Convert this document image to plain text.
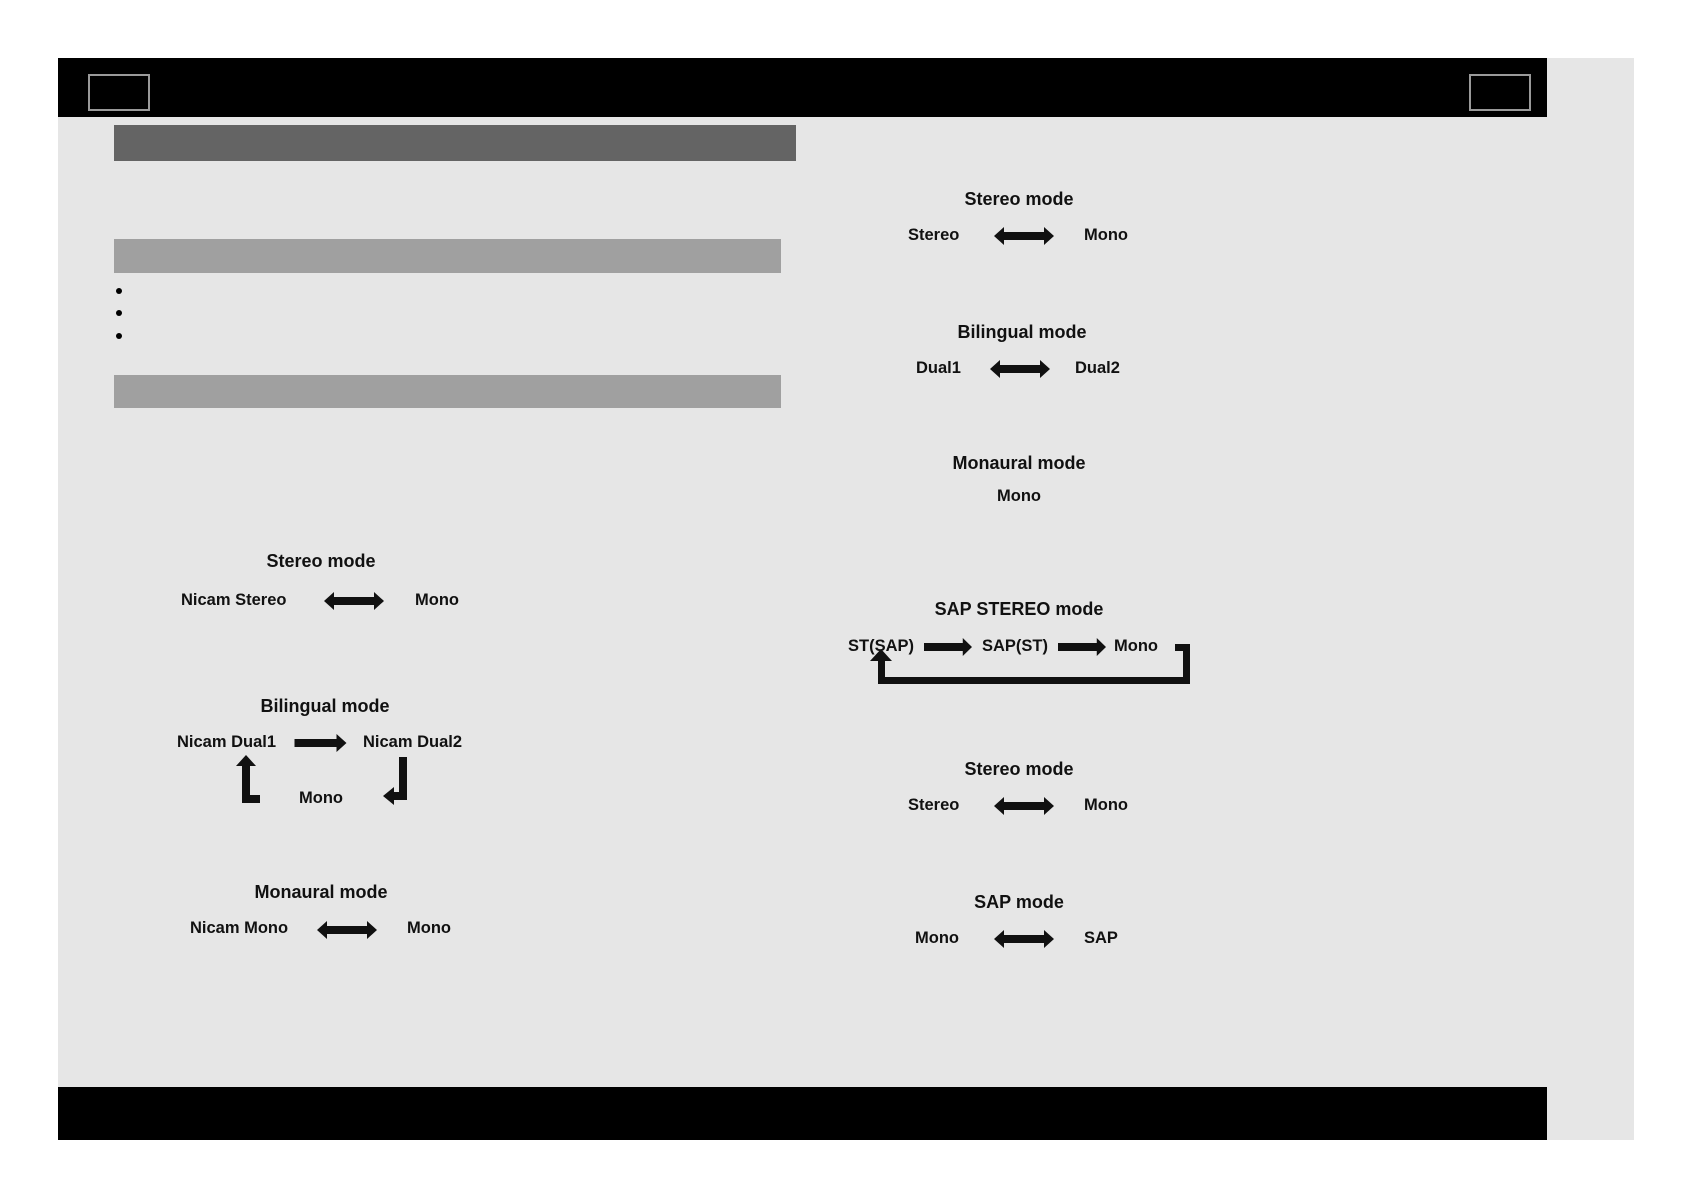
Stereo mode
Nicam Stereo	Mono
Bilingual mode
Nicam Dual1	Nicam Dual2
Mono
Monaural mode
Nicam Mono	Mono
Stereo mode
Stereo	Mono
Bilingual mode
Dual1	Dual2
Monaural mode
Mono
SAP STEREO mode
ST(SAP)	SAP(ST)	Mono
Stereo mode
Stereo	Mono
SAP mode
Mono	SAP
